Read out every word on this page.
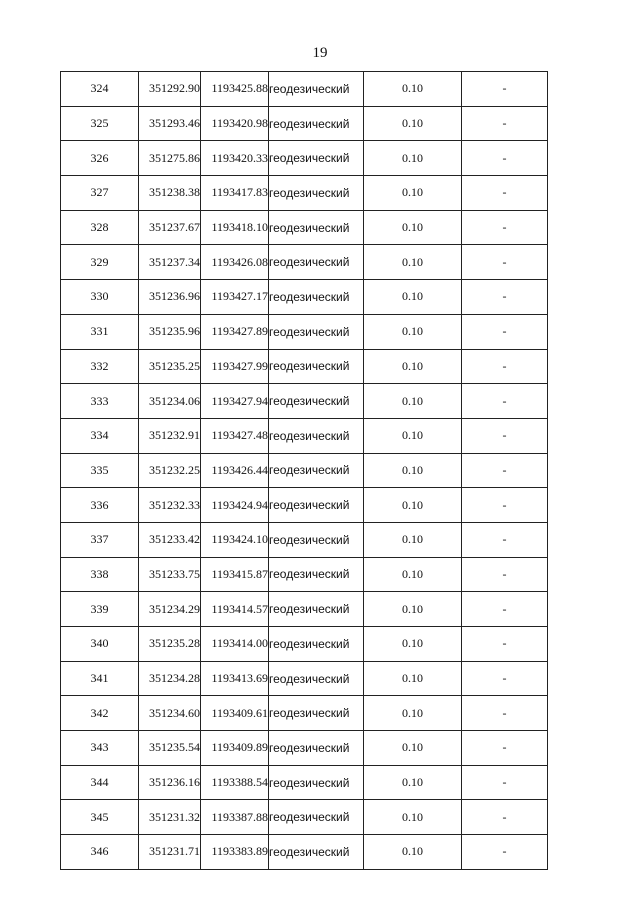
19
324	351292.90	1193425.88	геодезический	0.10	-
325	351293.46	1193420.98	геодезический	0.10	-
326	351275.86	1193420.33	геодезический	0.10	-
327	351238.38	1193417.83	геодезический	0.10	-
328	351237.67	1193418.10	геодезический	0.10	-
329	351237.34	1193426.08	геодезический	0.10	-
330	351236.96	1193427.17	геодезический	0.10	-
331	351235.96	1193427.89	геодезический	0.10	-
332	351235.25	1193427.99	геодезический	0.10	-
333	351234.06	1193427.94	геодезический	0.10	-
334	351232.91	1193427.48	геодезический	0.10	-
335	351232.25	1193426.44	геодезический	0.10	-
336	351232.33	1193424.94	геодезический	0.10	-
337	351233.42	1193424.10	геодезический	0.10	-
338	351233.75	1193415.87	геодезический	0.10	-
339	351234.29	1193414.57	геодезический	0.10	-
340	351235.28	1193414.00	геодезический	0.10	-
341	351234.28	1193413.69	геодезический	0.10	-
342	351234.60	1193409.61	геодезический	0.10	-
343	351235.54	1193409.89	геодезический	0.10	-
344	351236.16	1193388.54	геодезический	0.10	-
345	351231.32	1193387.88	геодезический	0.10	-
346	351231.71	1193383.89	геодезический	0.10	-
